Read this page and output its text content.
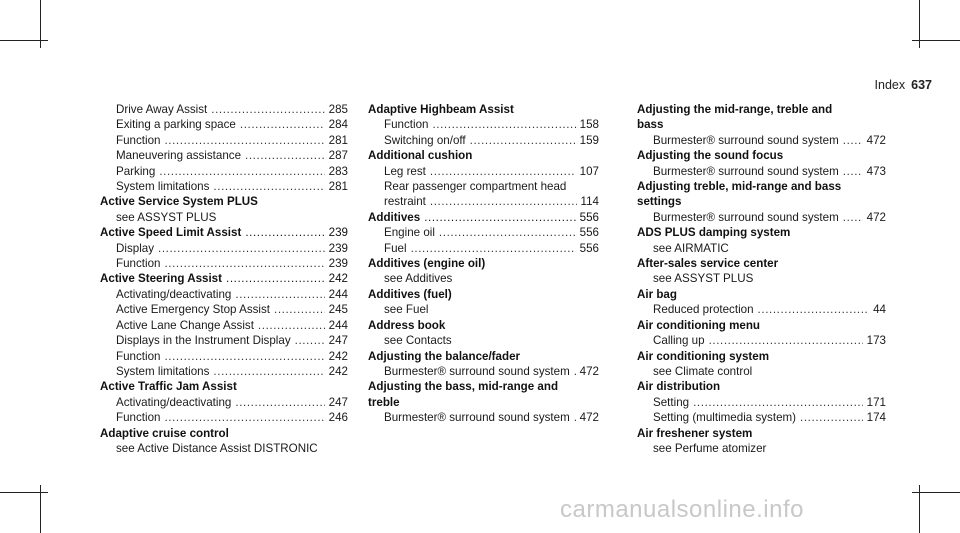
Index 637
Drive Away Assist .....	285
Exiting a parking space .....	284
Function .....	281
Maneuvering assistance .....	287
Parking .....	283
System limitations .....	281
Active Service System PLUS
see ASSYST PLUS
Active Speed Limit Assist .....	239
Display .....	239
Function .....	239
Active Steering Assist .....	242
Activating/deactivating .....	244
Active Emergency Stop Assist .....	245
Active Lane Change Assist .....	244
Displays in the Instrument Display .....	247
Function .....	242
System limitations .....	242
Active Traffic Jam Assist
Activating/deactivating .....	247
Function .....	246
Adaptive cruise control
see Active Distance Assist DISTRONIC
Adaptive Highbeam Assist
Function .....	158
Switching on/off .....	159
Additional cushion
Leg rest .....	107
Rear passenger compartment head
restraint .....	114
Additives .....	556
Engine oil .....	556
Fuel .....	556
Additives (engine oil)
see Additives
Additives (fuel)
see Fuel
Address book
see Contacts
Adjusting the balance/fader
Burmester® surround sound system ..... 472
Adjusting the bass, mid-range and
treble
Burmester® surround sound system ..... 472
Adjusting the mid-range, treble and
bass
Burmester® surround sound system ..... 472
Adjusting the sound focus
Burmester® surround sound system ..... 473
Adjusting treble, mid-range and bass
settings
Burmester® surround sound system ..... 472
ADS PLUS damping system
see AIRMATIC
After-sales service center
see ASSYST PLUS
Air bag
Reduced protection .....	44
Air conditioning menu
Calling up .....	173
Air conditioning system
see Climate control
Air distribution
Setting .....	171
Setting (multimedia system) .....	174
Air freshener system
see Perfume atomizer
carmanualsonline.info
